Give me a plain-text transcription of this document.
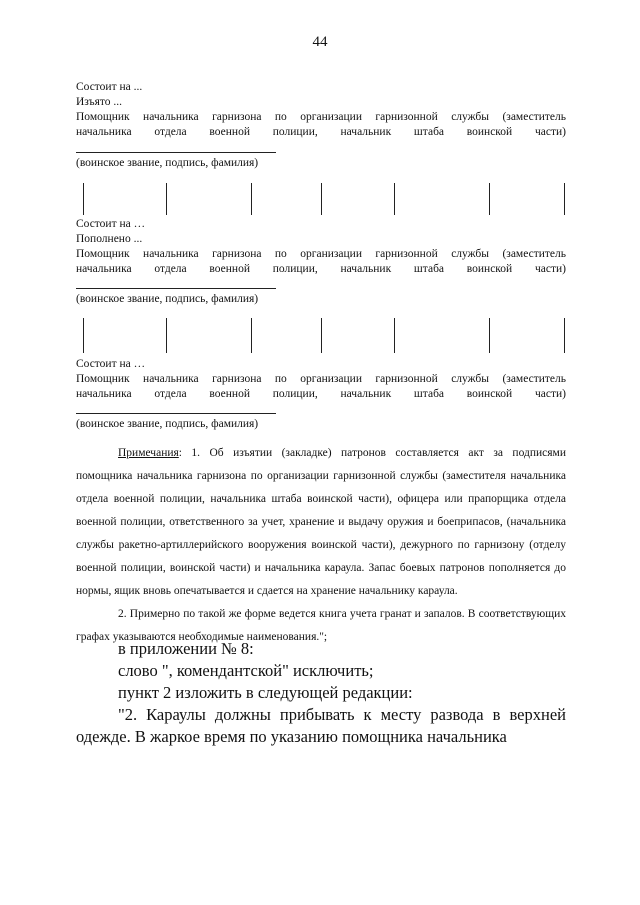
44
Состоит на ...
Изъято ...
Помощник начальника гарнизона по организации гарнизонной службы (заместитель
начальника отдела военной полиции, начальник штаба воинской части)
(воинское звание, подпись, фамилия)
Состоит на …
Пополнено ...
Помощник начальника гарнизона по организации гарнизонной службы (заместитель
начальника отдела военной полиции, начальник штаба воинской части)
(воинское звание, подпись, фамилия)
Состоит на …
Помощник начальника гарнизона по организации гарнизонной службы (заместитель
начальника отдела военной полиции, начальник штаба воинской части)
(воинское звание, подпись, фамилия)

Примечания: 1. Об изъятии (закладке) патронов составляется акт за подписями помощника начальника гарнизона по организации гарнизонной службы (заместителя начальника отдела военной полиции, начальника штаба воинской части), офицера или прапорщика отдела военной полиции, ответственного за учет, хранение и выдачу оружия и боеприпасов, (начальника службы ракетно-артиллерийского вооружения воинской части), дежурного по гарнизону (отделу военной полиции, воинской части) и начальника караула. Запас боевых патронов пополняется до нормы, ящик вновь опечатывается и сдается на хранение начальнику караула.

2. Примерно по такой же форме ведется книга учета гранат и запалов. В соответствующих графах указываются необходимые наименования.";

в приложении № 8:

слово ", комендантской" исключить;

пункт 2 изложить в следующей редакции:

"2. Караулы должны прибывать к месту развода в верхней одежде. В жаркое время по указанию помощника начальника
